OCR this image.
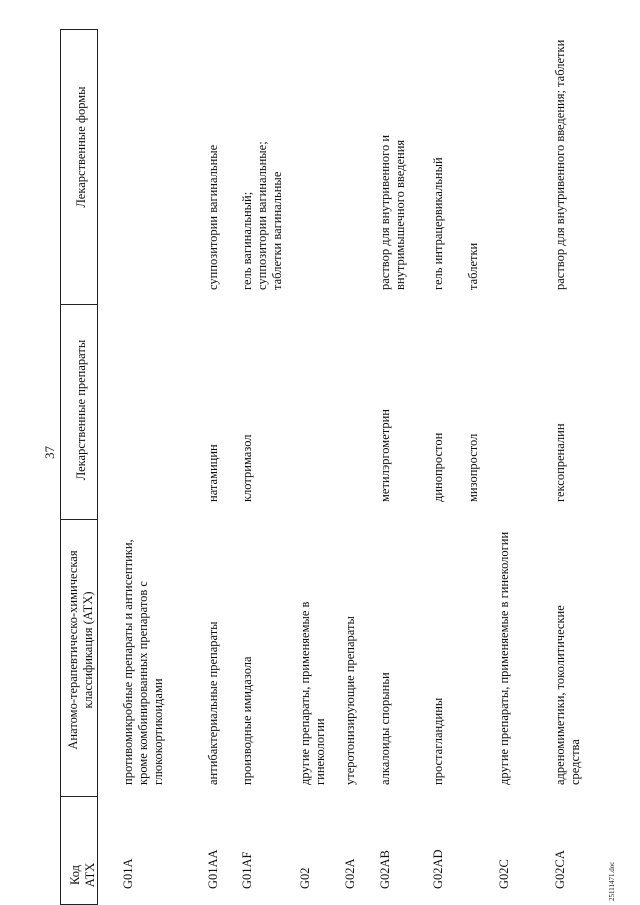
37
25111471.doc
Код АТХ
Анатомо-терапевтическо-химическая классификация (АТХ)
Лекарственные препараты
Лекарственные формы
G01A
противомикробные препараты и антисептики, кроме комбинированных препаратов с глюкокортикоидами
G01AA
антибактериальные препараты
натамицин
суппозитории вагинальные
G01AF
производные имидазола
клотримазол
гель вагинальный; суппозитории вагинальные; таблетки вагинальные
G02
другие препараты, применяемые в гинекологии
G02A
утеротонизирующие препараты
G02AB
алкалоиды спорыньи
метилэргометрин
раствор для внутривенного и внутримышечного введения
G02AD
простагландины
динопростон
гель интрацервикальный
мизопростол
таблетки
G02C
другие препараты, применяемые в гинекологии
G02CA
адреномиметики, токолитические средства
гексопреналин
раствор для внутривенного введения; таблетки
